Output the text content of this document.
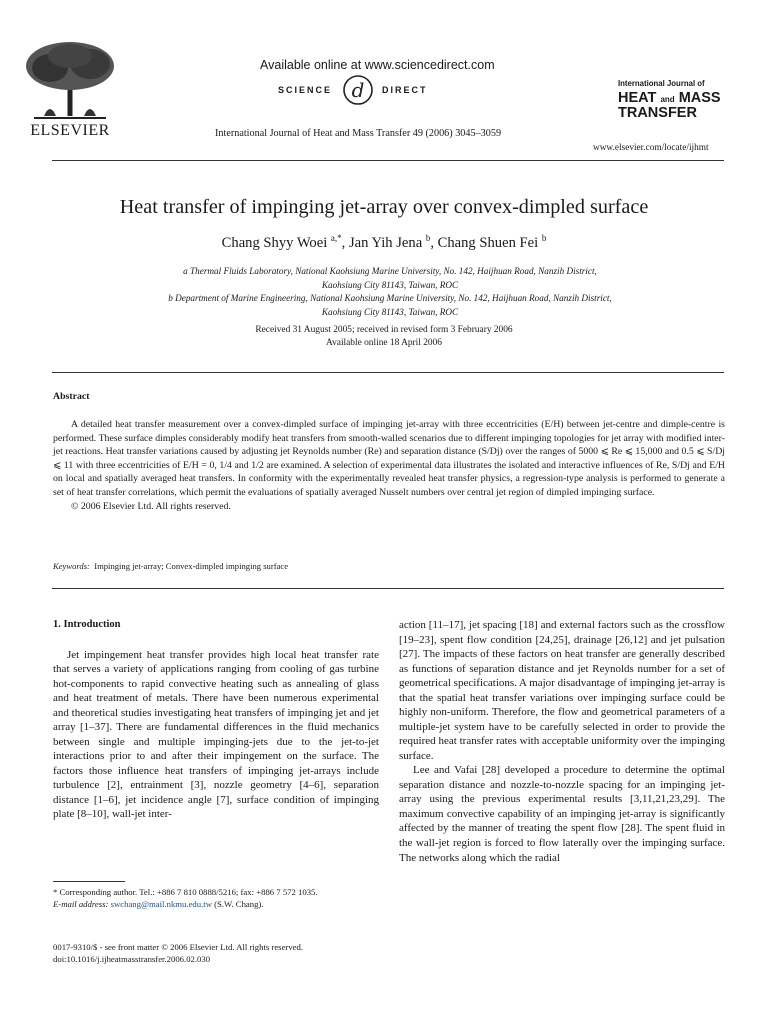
ELSEVIER
Available online at www.sciencedirect.com
SCIENCE d DIRECT
International Journal of Heat and Mass Transfer 49 (2006) 3045–3059
International Journal of
HEAT and MASS
TRANSFER
www.elsevier.com/locate/ijhmt
Heat transfer of impinging jet-array over convex-dimpled surface
Chang Shyy Woei $^{a,*}$, Jan Yih Jena $^b$, Chang Shuen Fei $^b$
a Thermal Fluids Laboratory, National Kaohsiung Marine University, No. 142, Haijhuan Road, Nanzih District,
Kaohsiung City 81143, Taiwan, ROC
b Department of Marine Engineering, National Kaohsiung Marine University, No. 142, Haijhuan Road, Nanzih District,
Kaohsiung City 81143, Taiwan, ROC
Received 31 August 2005; received in revised form 3 February 2006
Available online 18 April 2006
Abstract

A detailed heat transfer measurement over a convex-dimpled surface of impinging jet-array with three eccentricities (E/H) between jet-centre and dimple-centre is performed. These surface dimples considerably modify heat transfers from smooth-walled scenarios due to different impinging topologies for jet array with modified inter-jet reactions. Heat transfer variations caused by adjusting jet Reynolds number (Re) and separation distance (S/Dj) over the ranges of 5000 ⩽ Re ⩽ 15,000 and 0.5 ⩽ S/Dj ⩽ 11 with three eccentricities of E/H = 0, 1/4 and 1/2 are examined. A selection of experimental data illustrates the isolated and interactive influences of Re, S/Dj and E/H on local and spatially averaged heat transfers. In conformity with the experimentally revealed heat transfer physics, a regression-type analysis is performed to generate a set of heat transfer correlations, which permit the evaluations of spatially averaged Nusselt numbers over central jet region of dimpled impinging surface.

© 2006 Elsevier Ltd. All rights reserved.

Keywords: Impinging jet-array; Convex-dimpled impinging surface
1. Introduction

Jet impingement heat transfer provides high local heat transfer rate that serves a variety of applications ranging from cooling of gas turbine hot-components to rapid convective heating such as annealing of glass and heat treatment of metals. There have been numerous experimental and theoretical studies investigating heat transfers of impinging jet and jet array [1–37]. There are fundamental differences in the fluid mechanics between single and multiple impinging-jets due to the jet-to-jet interactions prior to and after their impingement on the surface. The factors those influence heat transfers of impinging jet-arrays include turbulence [2], entrainment [3], nozzle geometry [4–6], separation distance [1–6], jet incidence angle [7], surface condition of impinging plate [8–10], wall-jet inter-

action [11–17], jet spacing [18] and external factors such as the crossflow [19–23], spent flow condition [24,25], drainage [26,12] and jet pulsation [27]. The impacts of these factors on heat transfer are generally described as functions of separation distance and jet Reynolds number for a set of geometrical specifications. A major disadvantage of impinging jet-array is that the spatial heat transfer variations over impinging surface could be highly non-uniform. Therefore, the flow and geometrical parameters of a multiple-jet system have to be carefully selected in order to provide the required heat transfer rates with acceptable uniformity over the impinging surface.

Lee and Vafai [28] developed a procedure to determine the optimal separation distance and nozzle-to-nozzle spacing for an impinging jet-array using the previous experimental results [3,11,21,23,29]. The maximum convective capability of an impinging jet-array is significantly affected by the manner of treating the spent flow [28]. The spent fluid in the wall-jet region is forced to flow laterally over the impinging surface. The networks along which the radial

* Corresponding author. Tel.: +886 7 810 0888/5216; fax: +886 7 572 1035.

E-mail address: swchang@mail.nkmu.edu.tw (S.W. Chang).

0017-9310/$ - see front matter © 2006 Elsevier Ltd. All rights reserved.

doi:10.1016/j.ijheatmasstransfer.2006.02.030
